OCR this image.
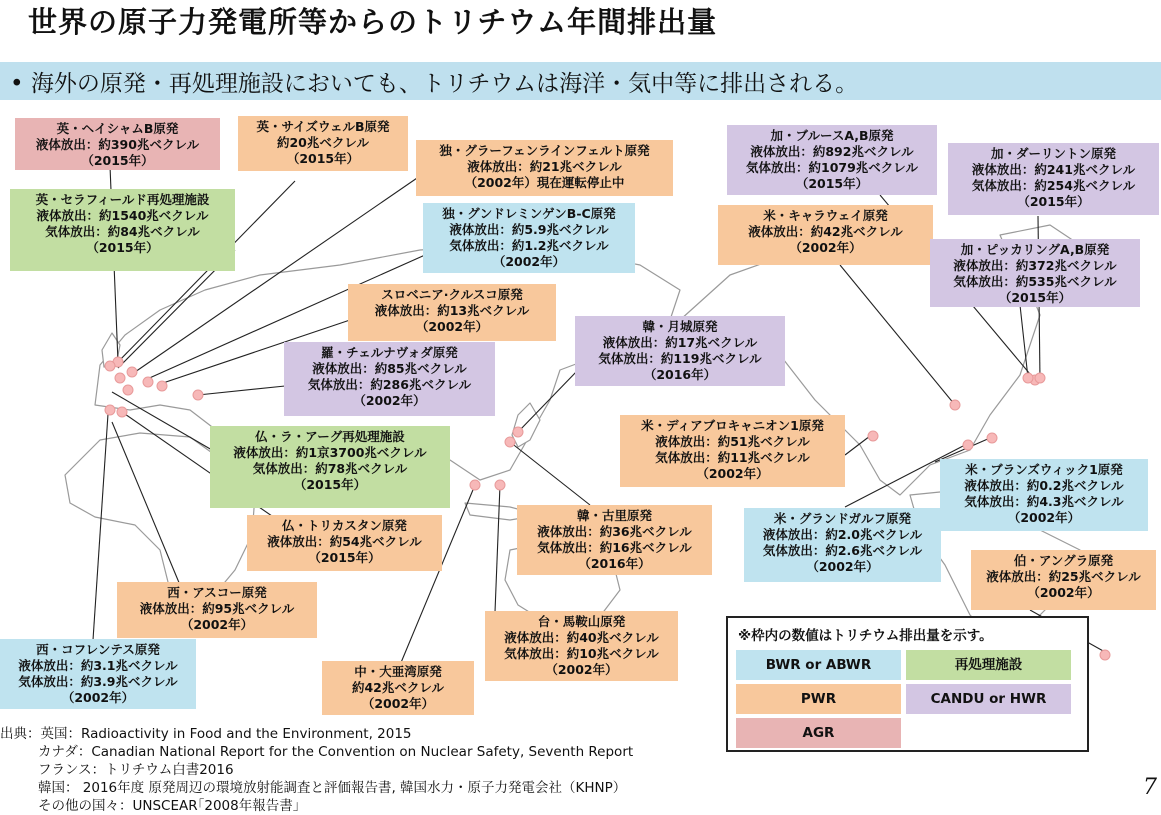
世界の原子力発電所等からのトリチウム年間排出量
• 海外の原発・再処理施設においても、トリチウムは海洋・気中等に排出される。
英・ヘイシャムB原発
液体放出：約390兆ベクレル
（2015年）
英・サイズウェルB原発
約20兆ベクレル
（2015年）
独・グラーフェンラインフェルト原発
液体放出：約21兆ベクレル
（2002年）現在運転停止中
英・セラフィールド再処理施設
液体放出：約1540兆ベクレル
気体放出：約84兆ベクレル
（2015年）
独・グンドレミンゲンB-C原発
液体放出：約5.9兆ベクレル
気体放出：約1.2兆ベクレル
（2002年）
スロベニア·クルスコ原発
液体放出：約13兆ベクレル
（2002年）
羅・チェルナヴォダ原発
液体放出：約85兆ベクレル
気体放出：約286兆ベクレル
（2002年）
仏・ラ・アーグ再処理施設
液体放出：約1京3700兆ベクレル
気体放出：約78兆ベクレル
（2015年）
仏・トリカスタン原発
液体放出：約54兆ベクレル
（2015年）
西・アスコー原発
液体放出：約95兆ベクレル
（2002年）
西・コフレンテス原発
液体放出：約3.1兆ベクレル
気体放出：約3.9兆ベクレル
（2002年）
中・大亜湾原発
約42兆ベクレル
（2002年）
台・馬鞍山原発
液体放出：約40兆ベクレル
気体放出：約10兆ベクレル
（2002年）
韓・古里原発
液体放出：約36兆ベクレル
気体放出：約16兆ベクレル
（2016年）
韓・月城原発
液体放出：約17兆ベクレル
気体放出：約119兆ベクレル
（2016年）
加・ブルースA,B原発
液体放出：約892兆ベクレル
気体放出：約1079兆ベクレル
（2015年）
加・ダーリントン原発
液体放出：約241兆ベクレル
気体放出：約254兆ベクレル
（2015年）
米・キャラウェイ原発
液体放出：約42兆ベクレル
（2002年）	加・ピッカリングA,B原発
液体放出：約372兆ベクレル
気体放出：約535兆ベクレル
（2015年）
米・ディアブロキャニオン1原発
液体放出：約51兆ベクレル
気体放出：約11兆ベクレル
（2002年）	米・ブランズウィック1原発
液体放出：約0.2兆ベクレル
気体放出：約4.3兆ベクレル
（2002年）
米・グランドガルフ原発
液体放出：約2.0兆ベクレル
気体放出：約2.6兆ベクレル
（2002年）	伯・アングラ原発
液体放出：約25兆ベクレル
（2002年）
※枠内の数値はトリチウム排出量を示す。
BWR or ABWR	再処理施設
PWR	CANDU or HWR
AGR
出典：英国：Radioactivity in Food and the Environment, 2015
カナダ：Canadian National Report for the Convention on Nuclear Safety, Seventh Report
フランス：トリチウム白書2016
韓国： 2016年度 原発周辺の環境放射能調査と評価報告書, 韓国水力・原子力発電会社（KHNP）
その他の国々：UNSCEAR｢2008年報告書｣
7
